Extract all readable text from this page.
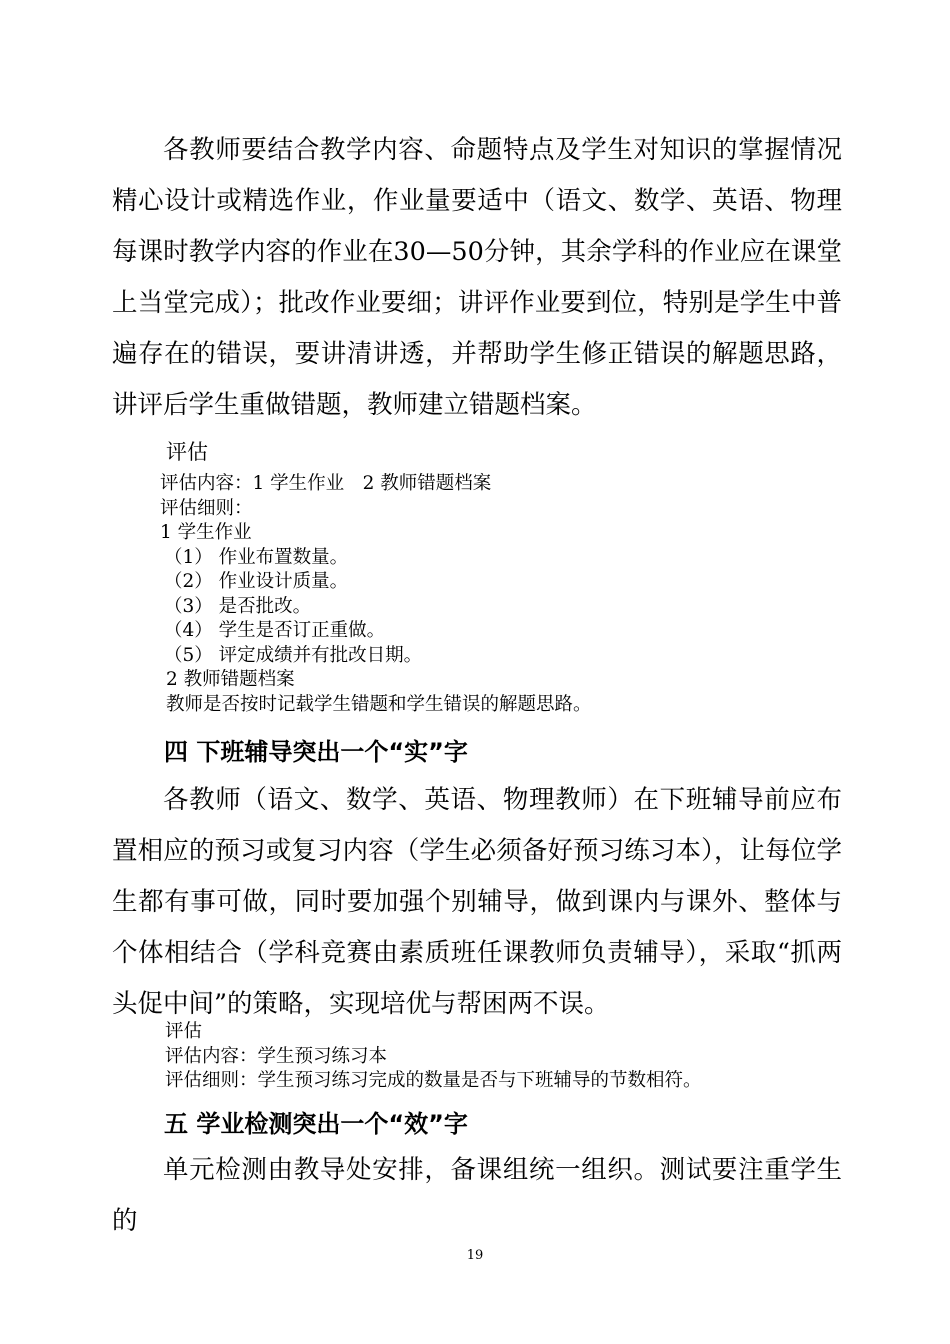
各教师要结合教学内容、命题特点及学生对知识的掌握情况精心设计或精选作业，作业量要适中（语文、数学、英语、物理每课时教学内容的作业在30—50分钟，其余学科的作业应在课堂上当堂完成）；批改作业要细；讲评作业要到位，特别是学生中普遍存在的错误，要讲清讲透，并帮助学生修正错误的解题思路，讲评后学生重做错题，教师建立错题档案。

评估

评估内容：1 学生作业　2 教师错题档案
评估细则：
1 学生作业
（1） 作业布置数量。
（2） 作业设计质量。
（3） 是否批改。
（4） 学生是否订正重做。
（5） 评定成绩并有批改日期。
2 教师错题档案
教师是否按时记载学生错题和学生错误的解题思路。
四 下班辅导突出一个“实”字

各教师（语文、数学、英语、物理教师）在下班辅导前应布置相应的预习或复习内容（学生必须备好预习练习本），让每位学生都有事可做，同时要加强个别辅导，做到课内与课外、整体与个体相结合（学科竞赛由素质班任课教师负责辅导），采取“抓两头促中间”的策略，实现培优与帮困两不误。

评估
评估内容：学生预习练习本
评估细则：学生预习练习完成的数量是否与下班辅导的节数相符。
五 学业检测突出一个“效”字

单元检测由教导处安排，备课组统一组织。测试要注重学生的

19
